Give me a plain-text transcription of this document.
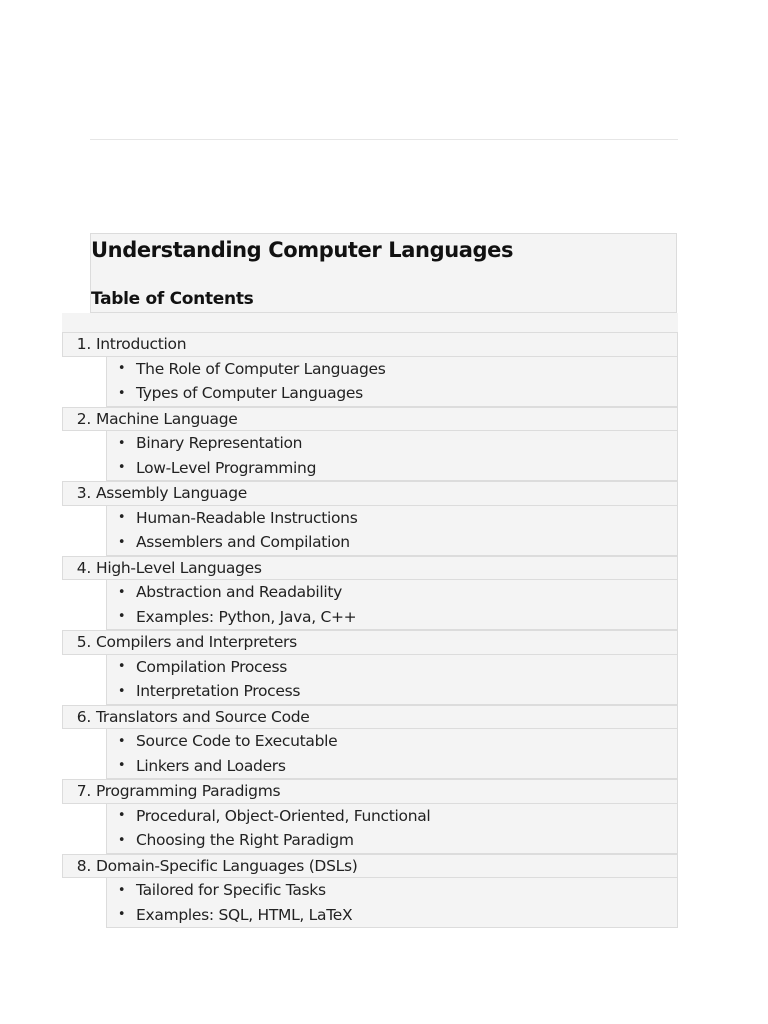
Understanding Computer Languages
Table of Contents
1. Introduction
• The Role of Computer Languages
• Types of Computer Languages
2. Machine Language
• Binary Representation
• Low-Level Programming
3. Assembly Language
• Human-Readable Instructions
• Assemblers and Compilation
4. High-Level Languages
• Abstraction and Readability
• Examples: Python, Java, C++
5. Compilers and Interpreters
• Compilation Process
• Interpretation Process
6. Translators and Source Code
• Source Code to Executable
• Linkers and Loaders
7. Programming Paradigms
• Procedural, Object-Oriented, Functional
• Choosing the Right Paradigm
8. Domain-Specific Languages (DSLs)
• Tailored for Specific Tasks
• Examples: SQL, HTML, LaTeX
